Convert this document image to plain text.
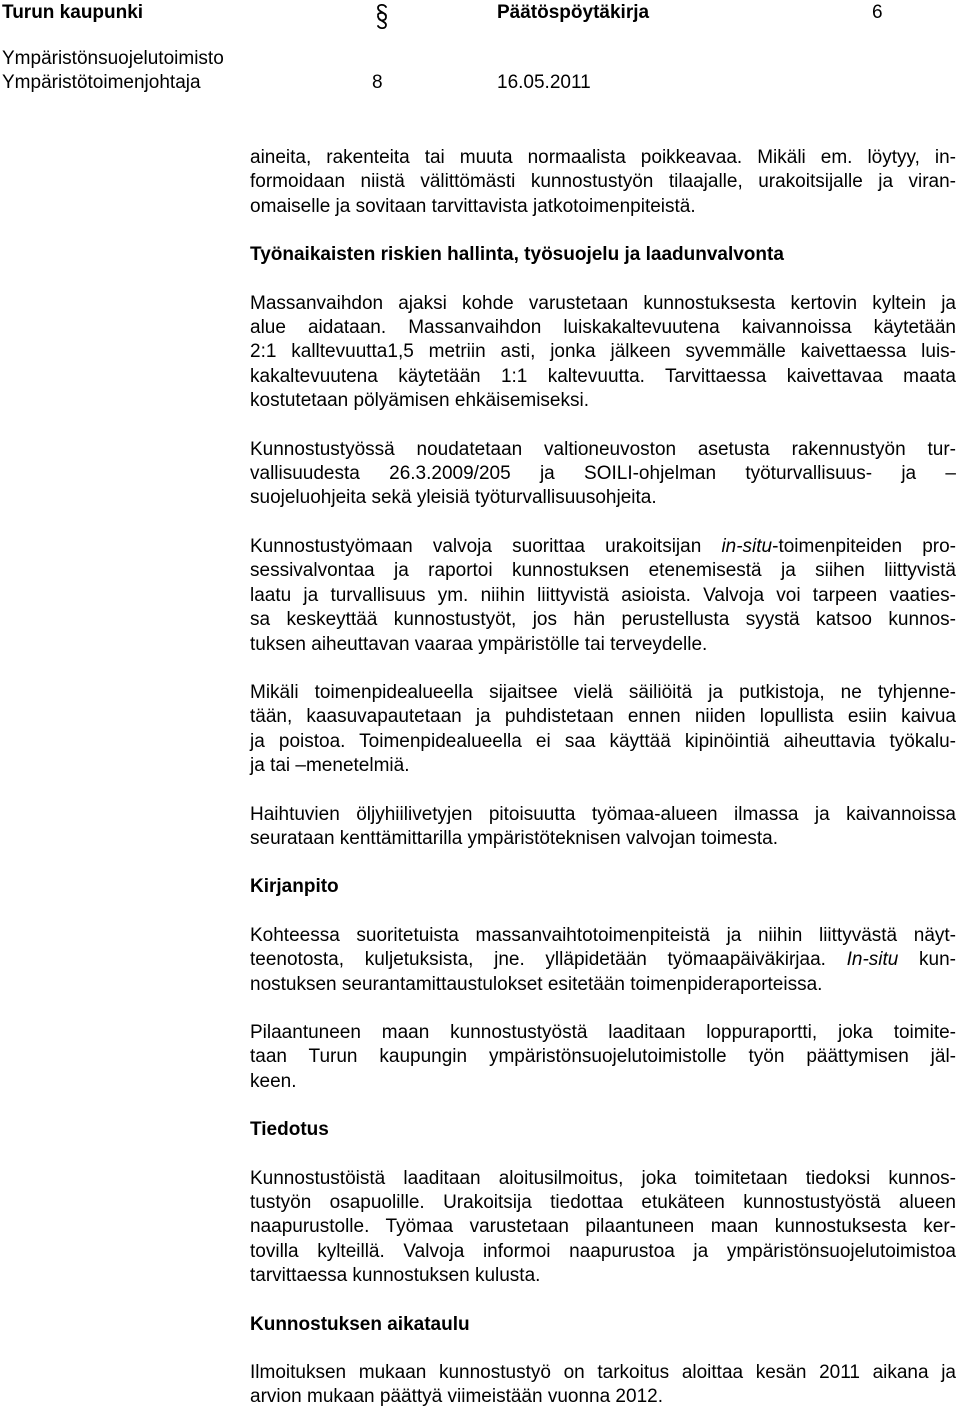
Turun kaupunki	Päätöspöytäkirja	6
Ympäristönsuojelutoimisto
Ympäristötoimenjohtaja	8	16.05.2011

aineita, rakenteita tai muuta normaalista poikkeavaa. Mikäli em. löytyy, in-
formoidaan niistä välittömästi kunnostustyön tilaajalle, urakoitsijalle ja viran-
omaiselle ja sovitaan tarvittavista jatkotoimenpiteistä.

Työnaikaisten riskien hallinta, työsuojelu ja laadunvalvonta

Massanvaihdon ajaksi kohde varustetaan kunnostuksesta kertovin kyltein ja
alue aidataan. Massanvaihdon luiskakaltevuutena kaivannoissa käytetään
2:1 kalltevuutta1,5 metriin asti, jonka jälkeen syvemmälle kaivettaessa luis-
kakaltevuutena käytetään 1:1 kaltevuutta. Tarvittaessa kaivettavaa maata
kostutetaan pölyämisen ehkäisemiseksi.

Kunnostustyössä noudatetaan valtioneuvoston asetusta rakennustyön tur-
vallisuudesta 26.3.2009/205 ja SOILI-ohjelman työturvallisuus- ja –
suojeluohjeita sekä yleisiä työturvallisuusohjeita.

Kunnostustyömaan valvoja suorittaa urakoitsijan in-situ-toimenpiteiden pro-
sessivalvontaa ja raportoi kunnostuksen etenemisestä ja siihen liittyvistä
laatu ja turvallisuus ym. niihin liittyvistä asioista. Valvoja voi tarpeen vaaties-
sa keskeyttää kunnostustyöt, jos hän perustellusta syystä katsoo kunnos-
tuksen aiheuttavan vaaraa ympäristölle tai terveydelle.

Mikäli toimenpidealueella sijaitsee vielä säiliöitä ja putkistoja, ne tyhjenne-
tään, kaasuvapautetaan ja puhdistetaan ennen niiden lopullista esiin kaivua
ja poistoa. Toimenpidealueella ei saa käyttää kipinöintiä aiheuttavia työkalu-
ja tai –menetelmiä.

Haihtuvien öljyhiilivetyjen pitoisuutta työmaa-alueen ilmassa ja kaivannoissa
seurataan kenttämittarilla ympäristöteknisen valvojan toimesta.

Kirjanpito

Kohteessa suoritetuista massanvaihtotoimenpiteistä ja niihin liittyvästä näyt-
teenotosta, kuljetuksista, jne. ylläpidetään työmaapäiväkirjaa. In-situ kun-
nostuksen seurantamittaustulokset esitetään toimenpideraporteissa.

Pilaantuneen maan kunnostustyöstä laaditaan loppuraportti, joka toimite-
taan Turun kaupungin ympäristönsuojelutoimistolle työn päättymisen jäl-
keen.

Tiedotus

Kunnostustöistä laaditaan aloitusilmoitus, joka toimitetaan tiedoksi kunnos-
tustyön osapuolille. Urakoitsija tiedottaa etukäteen kunnostustyöstä alueen
naapurustolle. Työmaa varustetaan pilaantuneen maan kunnostuksesta ker-
tovilla kylteillä. Valvoja informoi naapurustoa ja ympäristönsuojelutoimistoa
tarvittaessa kunnostuksen kulusta.

Kunnostuksen aikataulu

Ilmoituksen mukaan kunnostustyö on tarkoitus aloittaa kesän 2011 aikana ja
arvion mukaan päättyä viimeistään vuonna 2012.
